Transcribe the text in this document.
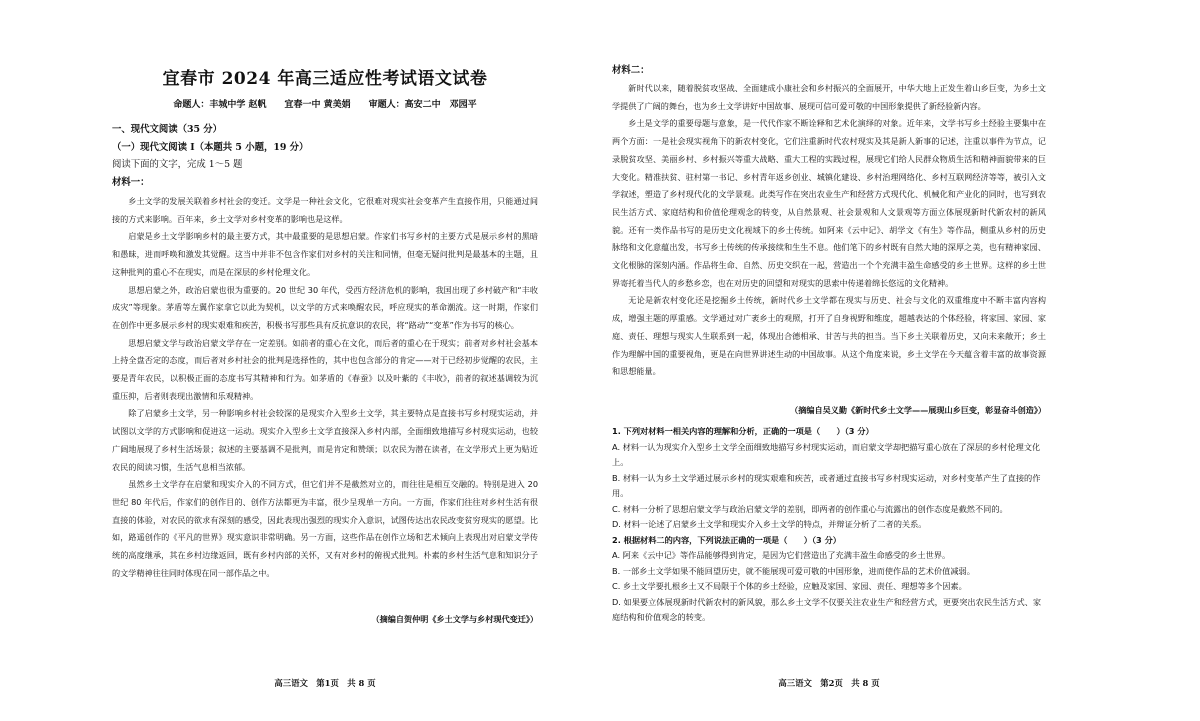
宜春市 2024 年高三适应性考试语文试卷
命题人：丰城中学 赵帆　　宜春一中 黄美娟　　审题人：高安二中　邓园平
一、现代文阅读（35 分）
（一）现代文阅读 I（本题共 5 小题，19 分）
阅读下面的文字，完成 1～5 题
材料一：

乡土文学的发展关联着乡村社会的变迁。文学是一种社会文化，它很难对现实社会变革产生直接作用，只能通过间接的方式来影响。百年来，乡土文学对乡村变革的影响也是这样。

启蒙是乡土文学影响乡村的最主要方式，其中最重要的是思想启蒙。作家们书写乡村的主要方式是展示乡村的黑暗和愚昧，进而呼唤和激发其觉醒。这当中并非不包含作家们对乡村的关注和同情，但毫无疑问批判是最基本的主题，且这种批判的重心不在现实，而是在深层的乡村伦理文化。

思想启蒙之外，政治启蒙也很为重要的。20 世纪 30 年代，受西方经济危机的影响，我国出现了乡村破产和“丰收成灾”等现象。茅盾等左翼作家拿它以此为契机，以文学的方式来唤醒农民，呼应现实的革命潮流。这一时期，作家们在创作中更多展示乡村的现实艰难和疾苦，积极书写那些具有反抗意识的农民，将“路动”“变革”作为书写的核心。

思想启蒙文学与政治启蒙文学存在一定差别。如前者的重心在文化，而后者的重心在于现实；前者对乡村社会基本上持全盘否定的态度，而后者对乡村社会的批判是选择性的，其中也包含部分的肯定——对于已经初步觉醒的农民，主要是青年农民，以积极正面的态度书写其精神和行为。如茅盾的《春蚕》以及叶紫的《丰收》，前者的叙述基调较为沉重压抑，后者则表现出激情和乐观精神。

除了启蒙乡土文学，另一种影响乡村社会较深的是现实介入型乡土文学，其主要特点是直接书写乡村现实运动，并试图以文学的方式影响和促进这一运动。现实介入型乡土文学直接深入乡村内部，全面细致地描写乡村现实运动，也较广阔地展现了乡村生活场景；叙述的主要基调不是批判，而是肯定和赞颂；以农民为潜在读者，在文学形式上更为贴近农民的阅读习惯，生活气息相当浓郁。

虽然乡土文学存在启蒙和现实介入的不同方式，但它们并不是截然对立的，而往往是相互交融的。特别是进入 20 世纪 80 年代后，作家们的创作目的、创作方法都更为丰富，很少呈现单一方向。一方面，作家们往往对乡村生活有很直接的体验，对农民的欲求有深刻的感受，因此表现出强烈的现实介入意识，试图传达出农民改变贫穷现实的愿望。比如，路遥创作的《平凡的世界》现实意识非常明确。另一方面，这些作品在创作立场和艺术倾向上表现出对启蒙文学传统的高度继承，其在乡村边缘返回，既有乡村内部的关怀，又有对乡村的俯视式批判。朴素的乡村生活气息和知识分子的文学精神往往同时体现在同一部作品之中。

（摘编自贺仲明《乡土文学与乡村现代变迁》）
高三语文　第1页　共 8 页
材料二：

新时代以来，随着脱贫攻坚战、全面建成小康社会和乡村振兴的全面展开，中华大地上正发生着山乡巨变，为乡土文学提供了广阔的舞台，也为乡土文学讲好中国故事、展现可信可爱可敬的中国形象提供了新经验新内容。

乡土是文学的重要母题与意象，是一代代作家不断诠释和艺术化演绎的对象。近年来，文学书写乡土经验主要集中在两个方面：一是社会现实视角下的新农村变化，它们注重新时代农村现实及其是新人新事的记述，注重以事件为节点，记录脱贫攻坚、美丽乡村、乡村振兴等重大战略、重大工程的实践过程，展现它们给人民群众物质生活和精神面貌带来的巨大变化。精准扶贫、驻村第一书记、乡村青年返乡创业、城镇化建设、乡村治理网络化、乡村互联网经济等等，被引入文学叙述，塑造了乡村现代化的文学景观。此类写作在突出农业生产和经营方式现代化、机械化和产业化的同时，也写到农民生活方式、家庭结构和价值伦理观念的转变，从自然景观、社会景观和人文景观等方面立体展现新时代新农村的新风貌。还有一类作品书写的是历史文化视域下的乡土传统。如阿来《云中记》、胡学文《有生》等作品，侧重从乡村的历史脉络和文化意蕴出发，书写乡土传统的传承接续和生生不息。他们笔下的乡村既有自然大地的深厚之美，也有精神家园、文化根脉的深刻内涵。作品将生命、自然、历史交织在一起，营造出一个个充满丰盈生命感受的乡土世界。这样的乡土世界寄托着当代人的乡愁乡恋，也在对历史的回望和对现实的思索中传递着绵长悠远的文化精神。

无论是新农村变化还是挖掘乡土传统，新时代乡土文学都在现实与历史、社会与文化的双重维度中不断丰富内容构成，增强主题的厚重感。文学通过对广袤乡土的观照，打开了自身视野和维度，超越表达的个体经验，将家国、家园、家庭、责任、理想与现实人生联系到一起，体现出合德相承、甘苦与共的担当。当下乡土关联着历史，又向未来敞开；乡土作为理解中国的重要视角，更是在向世界讲述生动的中国故事。从这个角度来说，乡土文学在今天蕴含着丰富的故事资源和思想能量。

（摘编自吴义勤《新时代乡土文学——展现山乡巨变，彰显奋斗创造》）

1. 下列对材料一相关内容的理解和分析，正确的一项是（　　）（3 分）

A. 材料一认为现实介入型乡土文学全面细致地描写乡村现实运动，而启蒙文学却把描写重心放在了深层的乡村伦理文化上。

B. 材料一认为乡土文学通过展示乡村的现实艰难和疾苦，或者通过直接书写乡村现实运动，对乡村变革产生了直接的作用。

C. 材料一分析了思想启蒙文学与政治启蒙文学的差别，即两者的创作重心与流露出的创作态度是截然不同的。

D. 材料一论述了启蒙乡土文学和现实介入乡土文学的特点，并辩证分析了二者的关系。

2. 根据材料二的内容，下列说法正确的一项是（　　）（3 分）

A. 阿来《云中记》等作品能够得到肯定，是因为它们营造出了充满丰盈生命感受的乡土世界。

B. 一部乡土文学如果不能回望历史，就不能展现可爱可敬的中国形象，进而使作品的艺术价值减弱。

C. 乡土文学要扎根乡土又不局限于个体的乡土经验，应触及家国、家园、责任、理想等多个因素。

D. 如果要立体展现新时代新农村的新风貌，那么乡土文学不仅要关注农业生产和经营方式，更要突出农民生活方式、家庭结构和价值观念的转变。

高三语文　第2页　共 8 页
